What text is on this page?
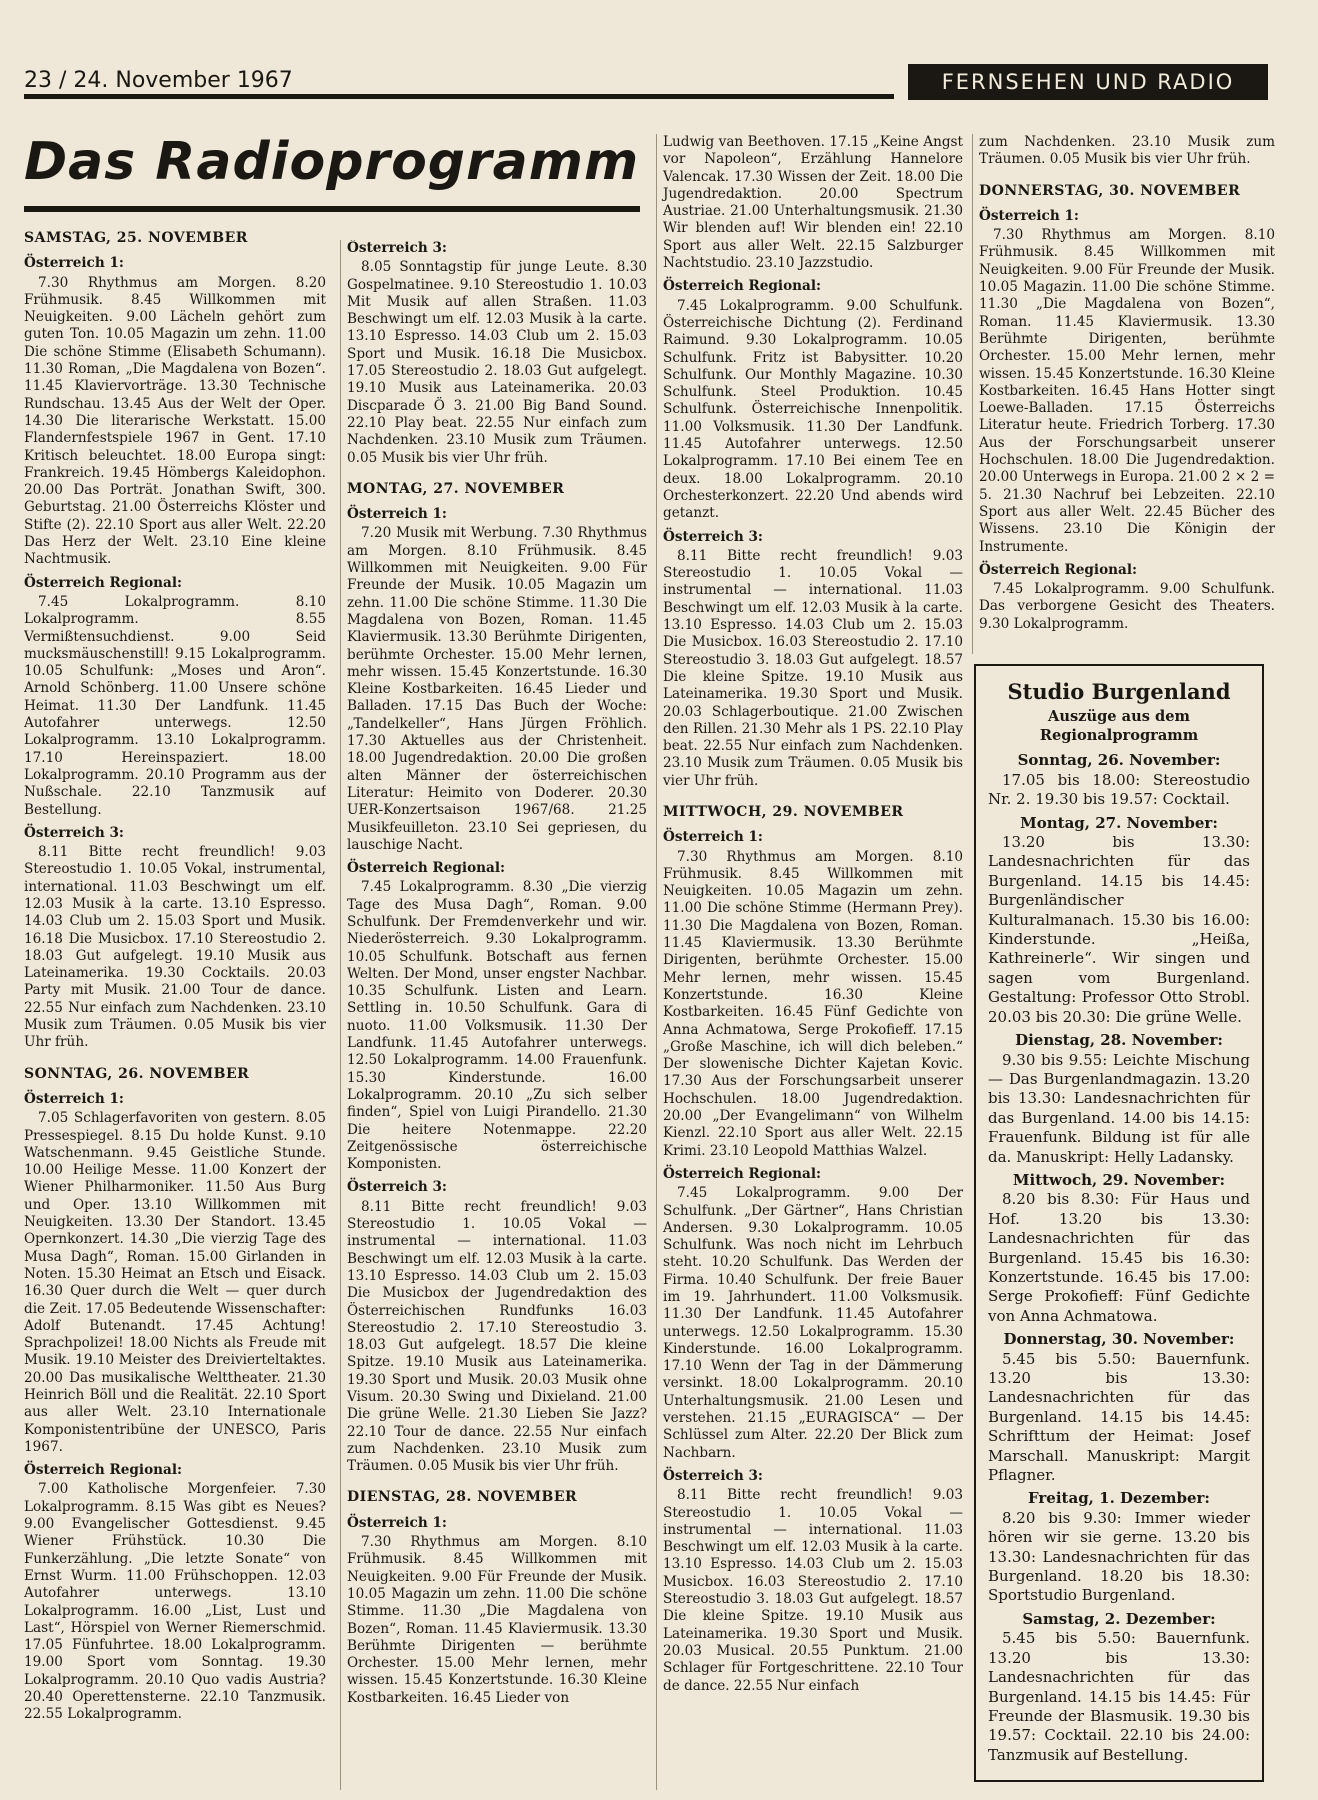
23 / 24. November 1967	FERNSEHEN UND RADIO
Das Radioprogramm
SAMSTAG, 25. NOVEMBER
Österreich 1:

7.30 Rhythmus am Morgen. 8.20 Frühmusik. 8.45 Willkommen mit Neuigkeiten. 9.00 Lächeln gehört zum guten Ton. 10.05 Magazin um zehn. 11.00 Die schöne Stimme (Elisabeth Schumann). 11.30 Roman, „Die Magdalena von Bozen“. 11.45 Klaviervorträge. 13.30 Technische Rundschau. 13.45 Aus der Welt der Oper. 14.30 Die literarische Werkstatt. 15.00 Flandernfestspiele 1967 in Gent. 17.10 Kritisch beleuchtet. 18.00 Europa singt: Frankreich. 19.45 Hömbergs Kaleidophon. 20.00 Das Porträt. Jonathan Swift, 300. Geburtstag. 21.00 Österreichs Klöster und Stifte (2). 22.10 Sport aus aller Welt. 22.20 Das Herz der Welt. 23.10 Eine kleine Nachtmusik.

Österreich Regional:

7.45 Lokalprogramm. 8.10 Lokalprogramm. 8.55 Vermißtensuchdienst. 9.00 Seid mucksmäuschenstill! 9.15 Lokalprogramm. 10.05 Schulfunk: „Moses und Aron“. Arnold Schönberg. 11.00 Unsere schöne Heimat. 11.30 Der Landfunk. 11.45 Autofahrer unterwegs. 12.50 Lokalprogramm. 13.10 Lokalprogramm. 17.10 Hereinspaziert. 18.00 Lokalprogramm. 20.10 Programm aus der Nußschale. 22.10 Tanzmusik auf Bestellung.

Österreich 3:

8.11 Bitte recht freundlich! 9.03 Stereostudio 1. 10.05 Vokal, instrumental, international. 11.03 Beschwingt um elf. 12.03 Musik à la carte. 13.10 Espresso. 14.03 Club um 2. 15.03 Sport und Musik. 16.18 Die Musicbox. 17.10 Stereostudio 2. 18.03 Gut aufgelegt. 19.10 Musik aus Lateinamerika. 19.30 Cocktails. 20.03 Party mit Musik. 21.00 Tour de dance. 22.55 Nur einfach zum Nachdenken. 23.10 Musik zum Träumen. 0.05 Musik bis vier Uhr früh.

SONNTAG, 26. NOVEMBER
Österreich 1:

7.05 Schlagerfavoriten von gestern. 8.05 Pressespiegel. 8.15 Du holde Kunst. 9.10 Watschenmann. 9.45 Geistliche Stunde. 10.00 Heilige Messe. 11.00 Konzert der Wiener Philharmoniker. 11.50 Aus Burg und Oper. 13.10 Willkommen mit Neuigkeiten. 13.30 Der Standort. 13.45 Opernkonzert. 14.30 „Die vierzig Tage des Musa Dagh“, Roman. 15.00 Girlanden in Noten. 15.30 Heimat an Etsch und Eisack. 16.30 Quer durch die Welt — quer durch die Zeit. 17.05 Bedeutende Wissenschafter: Adolf Butenandt. 17.45 Achtung! Sprachpolizei! 18.00 Nichts als Freude mit Musik. 19.10 Meister des Dreivierteltaktes. 20.00 Das musikalische Welttheater. 21.30 Heinrich Böll und die Realität. 22.10 Sport aus aller Welt. 23.10 Internationale Komponistentribüne der UNESCO, Paris 1967.

Österreich Regional:

7.00 Katholische Morgenfeier. 7.30 Lokalprogramm. 8.15 Was gibt es Neues? 9.00 Evangelischer Gottesdienst. 9.45 Wiener Frühstück. 10.30 Die Funkerzählung. „Die letzte Sonate“ von Ernst Wurm. 11.00 Frühschoppen. 12.03 Autofahrer unterwegs. 13.10 Lokalprogramm. 16.00 „List, Lust und Last“, Hörspiel von Werner Riemerschmid. 17.05 Fünfuhrtee. 18.00 Lokalprogramm. 19.00 Sport vom Sonntag. 19.30 Lokalprogramm. 20.10 Quo vadis Austria? 20.40 Operettensterne. 22.10 Tanzmusik. 22.55 Lokalprogramm.

Österreich 3:

8.05 Sonntagstip für junge Leute. 8.30 Gospelmatinee. 9.10 Stereostudio 1. 10.03 Mit Musik auf allen Straßen. 11.03 Beschwingt um elf. 12.03 Musik à la carte. 13.10 Espresso. 14.03 Club um 2. 15.03 Sport und Musik. 16.18 Die Musicbox. 17.05 Stereostudio 2. 18.03 Gut aufgelegt. 19.10 Musik aus Lateinamerika. 20.03 Discparade Ö 3. 21.00 Big Band Sound. 22.10 Play beat. 22.55 Nur einfach zum Nachdenken. 23.10 Musik zum Träumen. 0.05 Musik bis vier Uhr früh.

MONTAG, 27. NOVEMBER
Österreich 1:

7.20 Musik mit Werbung. 7.30 Rhythmus am Morgen. 8.10 Frühmusik. 8.45 Willkommen mit Neuigkeiten. 9.00 Für Freunde der Musik. 10.05 Magazin um zehn. 11.00 Die schöne Stimme. 11.30 Die Magdalena von Bozen, Roman. 11.45 Klaviermusik. 13.30 Berühmte Dirigenten, berühmte Orchester. 15.00 Mehr lernen, mehr wissen. 15.45 Konzertstunde. 16.30 Kleine Kostbarkeiten. 16.45 Lieder und Balladen. 17.15 Das Buch der Woche: „Tandelkeller“, Hans Jürgen Fröhlich. 17.30 Aktuelles aus der Christenheit. 18.00 Jugendredaktion. 20.00 Die großen alten Männer der österreichischen Literatur: Heimito von Doderer. 20.30 UER-Konzertsaison 1967/68. 21.25 Musikfeuilleton. 23.10 Sei gepriesen, du lauschige Nacht.

Österreich Regional:

7.45 Lokalprogramm. 8.30 „Die vierzig Tage des Musa Dagh“, Roman. 9.00 Schulfunk. Der Fremdenverkehr und wir. Niederösterreich. 9.30 Lokalprogramm. 10.05 Schulfunk. Botschaft aus fernen Welten. Der Mond, unser engster Nachbar. 10.35 Schulfunk. Listen and Learn. Settling in. 10.50 Schulfunk. Gara di nuoto. 11.00 Volksmusik. 11.30 Der Landfunk. 11.45 Autofahrer unterwegs. 12.50 Lokalprogramm. 14.00 Frauenfunk. 15.30 Kinderstunde. 16.00 Lokalprogramm. 20.10 „Zu sich selber finden“, Spiel von Luigi Pirandello. 21.30 Die heitere Notenmappe. 22.20 Zeitgenössische österreichische Komponisten.

Österreich 3:

8.11 Bitte recht freundlich! 9.03 Stereostudio 1. 10.05 Vokal — instrumental — international. 11.03 Beschwingt um elf. 12.03 Musik à la carte. 13.10 Espresso. 14.03 Club um 2. 15.03 Die Musicbox der Jugendredaktion des Österreichischen Rundfunks 16.03 Stereostudio 2. 17.10 Stereostudio 3. 18.03 Gut aufgelegt. 18.57 Die kleine Spitze. 19.10 Musik aus Lateinamerika. 19.30 Sport und Musik. 20.03 Musik ohne Visum. 20.30 Swing und Dixieland. 21.00 Die grüne Welle. 21.30 Lieben Sie Jazz? 22.10 Tour de dance. 22.55 Nur einfach zum Nachdenken. 23.10 Musik zum Träumen. 0.05 Musik bis vier Uhr früh.

DIENSTAG, 28. NOVEMBER
Österreich 1:

7.30 Rhythmus am Morgen. 8.10 Frühmusik. 8.45 Willkommen mit Neuigkeiten. 9.00 Für Freunde der Musik. 10.05 Magazin um zehn. 11.00 Die schöne Stimme. 11.30 „Die Magdalena von Bozen“, Roman. 11.45 Klaviermusik. 13.30 Berühmte Dirigenten — berühmte Orchester. 15.00 Mehr lernen, mehr wissen. 15.45 Konzertstunde. 16.30 Kleine Kostbarkeiten. 16.45 Lieder von

Ludwig van Beethoven. 17.15 „Keine Angst vor Napoleon“, Erzählung Hannelore Valencak. 17.30 Wissen der Zeit. 18.00 Die Jugendredaktion. 20.00 Spectrum Austriae. 21.00 Unterhaltungsmusik. 21.30 Wir blenden auf! Wir blenden ein! 22.10 Sport aus aller Welt. 22.15 Salzburger Nachtstudio. 23.10 Jazzstudio.

Österreich Regional:

7.45 Lokalprogramm. 9.00 Schulfunk. Österreichische Dichtung (2). Ferdinand Raimund. 9.30 Lokalprogramm. 10.05 Schulfunk. Fritz ist Babysitter. 10.20 Schulfunk. Our Monthly Magazine. 10.30 Schulfunk. Steel Produktion. 10.45 Schulfunk. Österreichische Innenpolitik. 11.00 Volksmusik. 11.30 Der Landfunk. 11.45 Autofahrer unterwegs. 12.50 Lokalprogramm. 17.10 Bei einem Tee en deux. 18.00 Lokalprogramm. 20.10 Orchesterkonzert. 22.20 Und abends wird getanzt.

Österreich 3:

8.11 Bitte recht freundlich! 9.03 Stereostudio 1. 10.05 Vokal — instrumental — international. 11.03 Beschwingt um elf. 12.03 Musik à la carte. 13.10 Espresso. 14.03 Club um 2. 15.03 Die Musicbox. 16.03 Stereostudio 2. 17.10 Stereostudio 3. 18.03 Gut aufgelegt. 18.57 Die kleine Spitze. 19.10 Musik aus Lateinamerika. 19.30 Sport und Musik. 20.03 Schlagerboutique. 21.00 Zwischen den Rillen. 21.30 Mehr als 1 PS. 22.10 Play beat. 22.55 Nur einfach zum Nachdenken. 23.10 Musik zum Träumen. 0.05 Musik bis vier Uhr früh.

MITTWOCH, 29. NOVEMBER
Österreich 1:

7.30 Rhythmus am Morgen. 8.10 Frühmusik. 8.45 Willkommen mit Neuigkeiten. 10.05 Magazin um zehn. 11.00 Die schöne Stimme (Hermann Prey). 11.30 Die Magdalena von Bozen, Roman. 11.45 Klaviermusik. 13.30 Berühmte Dirigenten, berühmte Orchester. 15.00 Mehr lernen, mehr wissen. 15.45 Konzertstunde. 16.30 Kleine Kostbarkeiten. 16.45 Fünf Gedichte von Anna Achmatowa, Serge Prokofieff. 17.15 „Große Maschine, ich will dich beleben.“ Der slowenische Dichter Kajetan Kovic. 17.30 Aus der Forschungsarbeit unserer Hochschulen. 18.00 Jugendredaktion. 20.00 „Der Evangelimann“ von Wilhelm Kienzl. 22.10 Sport aus aller Welt. 22.15 Krimi. 23.10 Leopold Matthias Walzel.

Österreich Regional:

7.45 Lokalprogramm. 9.00 Der Schulfunk. „Der Gärtner“, Hans Christian Andersen. 9.30 Lokalprogramm. 10.05 Schulfunk. Was noch nicht im Lehrbuch steht. 10.20 Schulfunk. Das Werden der Firma. 10.40 Schulfunk. Der freie Bauer im 19. Jahrhundert. 11.00 Volksmusik. 11.30 Der Landfunk. 11.45 Autofahrer unterwegs. 12.50 Lokalprogramm. 15.30 Kinderstunde. 16.00 Lokalprogramm. 17.10 Wenn der Tag in der Dämmerung versinkt. 18.00 Lokalprogramm. 20.10 Unterhaltungsmusik. 21.00 Lesen und verstehen. 21.15 „EURAGISCA“ — Der Schlüssel zum Alter. 22.20 Der Blick zum Nachbarn.

Österreich 3:

8.11 Bitte recht freundlich! 9.03 Stereostudio 1. 10.05 Vokal — instrumental — international. 11.03 Beschwingt um elf. 12.03 Musik à la carte. 13.10 Espresso. 14.03 Club um 2. 15.03 Musicbox. 16.03 Stereostudio 2. 17.10 Stereostudio 3. 18.03 Gut aufgelegt. 18.57 Die kleine Spitze. 19.10 Musik aus Lateinamerika. 19.30 Sport und Musik. 20.03 Musical. 20.55 Punktum. 21.00 Schlager für Fortgeschrittene. 22.10 Tour de dance. 22.55 Nur einfach

zum Nachdenken. 23.10 Musik zum Träumen. 0.05 Musik bis vier Uhr früh.

DONNERSTAG, 30. NOVEMBER
Österreich 1:

7.30 Rhythmus am Morgen. 8.10 Frühmusik. 8.45 Willkommen mit Neuigkeiten. 9.00 Für Freunde der Musik. 10.05 Magazin. 11.00 Die schöne Stimme. 11.30 „Die Magdalena von Bozen“, Roman. 11.45 Klaviermusik. 13.30 Berühmte Dirigenten, berühmte Orchester. 15.00 Mehr lernen, mehr wissen. 15.45 Konzertstunde. 16.30 Kleine Kostbarkeiten. 16.45 Hans Hotter singt Loewe-Balladen. 17.15 Österreichs Literatur heute. Friedrich Torberg. 17.30 Aus der Forschungsarbeit unserer Hochschulen. 18.00 Die Jugendredaktion. 20.00 Unterwegs in Europa. 21.00 2 × 2 = 5. 21.30 Nachruf bei Lebzeiten. 22.10 Sport aus aller Welt. 22.45 Bücher des Wissens. 23.10 Die Königin der Instrumente.

Österreich Regional:

7.45 Lokalprogramm. 9.00 Schulfunk. Das verborgene Gesicht des Theaters. 9.30 Lokalprogramm.

Studio Burgenland
Auszüge aus dem Regionalprogramm
Sonntag, 26. November:

17.05 bis 18.00: Stereostudio Nr. 2. 19.30 bis 19.57: Cocktail.

Montag, 27. November:

13.20 bis 13.30: Landesnachrichten für das Burgenland. 14.15 bis 14.45: Burgenländischer Kulturalmanach. 15.30 bis 16.00: Kinderstunde. „Heißa, Kathreinerle“. Wir singen und sagen vom Burgenland. Gestaltung: Professor Otto Strobl. 20.03 bis 20.30: Die grüne Welle.

Dienstag, 28. November:

9.30 bis 9.55: Leichte Mischung — Das Burgenlandmagazin. 13.20 bis 13.30: Landesnachrichten für das Burgenland. 14.00 bis 14.15: Frauenfunk. Bildung ist für alle da. Manuskript: Helly Ladansky.

Mittwoch, 29. November:

8.20 bis 8.30: Für Haus und Hof. 13.20 bis 13.30: Landesnachrichten für das Burgenland. 15.45 bis 16.30: Konzertstunde. 16.45 bis 17.00: Serge Prokofieff: Fünf Gedichte von Anna Achmatowa.

Donnerstag, 30. November:

5.45 bis 5.50: Bauernfunk. 13.20 bis 13.30: Landesnachrichten für das Burgenland. 14.15 bis 14.45: Schrifttum der Heimat: Josef Marschall. Manuskript: Margit Pflagner.

Freitag, 1. Dezember:

8.20 bis 9.30: Immer wieder hören wir sie gerne. 13.20 bis 13.30: Landesnachrichten für das Burgenland. 18.20 bis 18.30: Sportstudio Burgenland.

Samstag, 2. Dezember:

5.45 bis 5.50: Bauernfunk. 13.20 bis 13.30: Landesnachrichten für das Burgenland. 14.15 bis 14.45: Für Freunde der Blasmusik. 19.30 bis 19.57: Cocktail. 22.10 bis 24.00: Tanzmusik auf Bestellung.
